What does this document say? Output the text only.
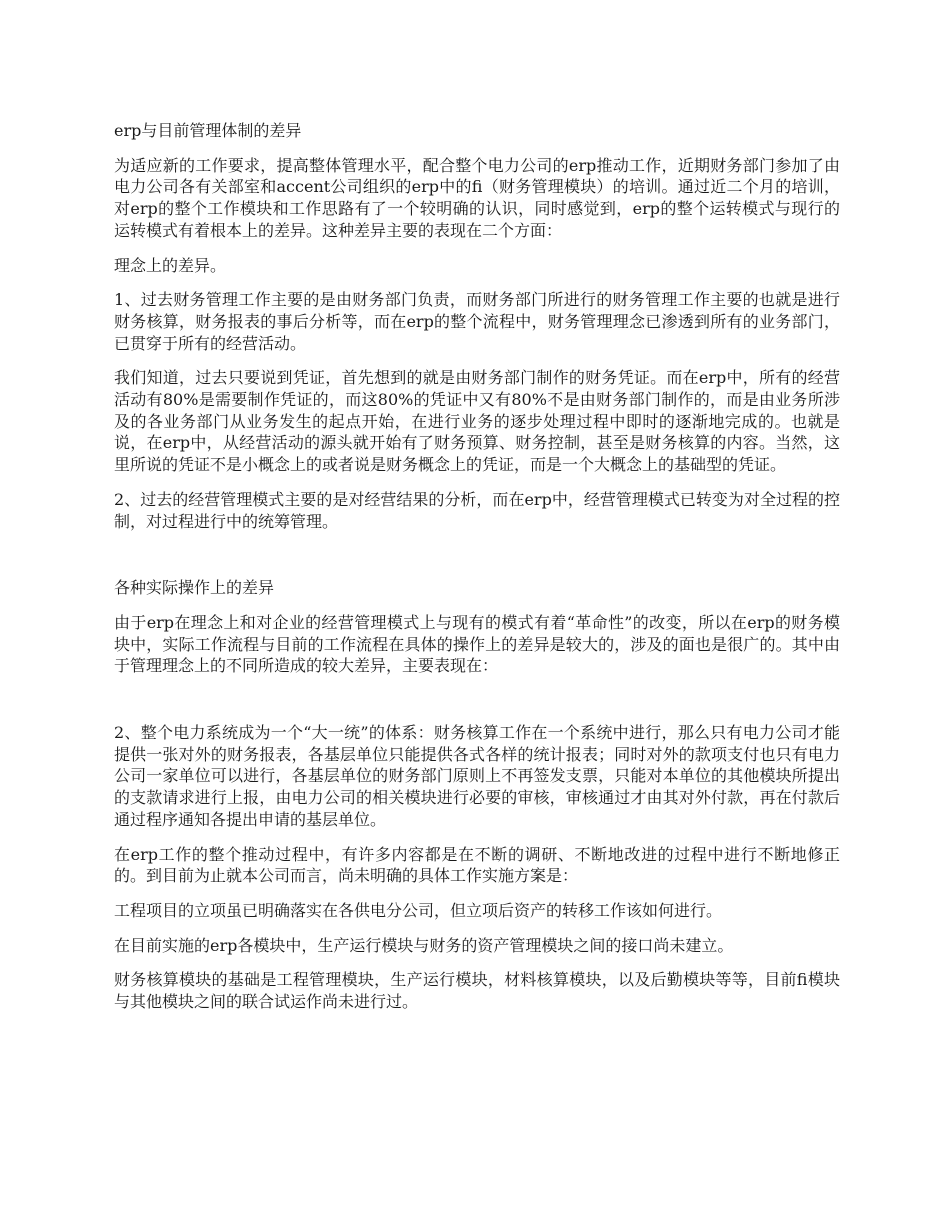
erp与目前管理体制的差异

为适应新的工作要求，提高整体管理水平，配合整个电力公司的erp推动工作，近期财务部门参加了由电力公司各有关部室和accent公司组织的erp中的fi（财务管理模块）的培训。通过近二个月的培训，对erp的整个工作模块和工作思路有了一个较明确的认识，同时感觉到，erp的整个运转模式与现行的运转模式有着根本上的差异。这种差异主要的表现在二个方面：

理念上的差异。

1、过去财务管理工作主要的是由财务部门负责，而财务部门所进行的财务管理工作主要的也就是进行财务核算，财务报表的事后分析等，而在erp的整个流程中，财务管理理念已渗透到所有的业务部门，已贯穿于所有的经营活动。

我们知道，过去只要说到凭证，首先想到的就是由财务部门制作的财务凭证。而在erp中，所有的经营活动有80%是需要制作凭证的，而这80%的凭证中又有80%不是由财务部门制作的，而是由业务所涉及的各业务部门从业务发生的起点开始，在进行业务的逐步处理过程中即时的逐渐地完成的。也就是说，在erp中，从经营活动的源头就开始有了财务预算、财务控制，甚至是财务核算的内容。当然，这里所说的凭证不是小概念上的或者说是财务概念上的凭证，而是一个大概念上的基础型的凭证。

2、过去的经营管理模式主要的是对经营结果的分析，而在erp中，经营管理模式已转变为对全过程的控制，对过程进行中的统筹管理。

各种实际操作上的差异

由于erp在理念上和对企业的经营管理模式上与现有的模式有着“革命性”的改变，所以在erp的财务模块中，实际工作流程与目前的工作流程在具体的操作上的差异是较大的，涉及的面也是很广的。其中由于管理理念上的不同所造成的较大差异，主要表现在：

2、整个电力系统成为一个“大一统”的体系：财务核算工作在一个系统中进行，那么只有电力公司才能提供一张对外的财务报表，各基层单位只能提供各式各样的统计报表；同时对外的款项支付也只有电力公司一家单位可以进行，各基层单位的财务部门原则上不再签发支票，只能对本单位的其他模块所提出的支款请求进行上报，由电力公司的相关模块进行必要的审核，审核通过才由其对外付款，再在付款后通过程序通知各提出申请的基层单位。

在erp工作的整个推动过程中，有许多内容都是在不断的调研、不断地改进的过程中进行不断地修正的。到目前为止就本公司而言，尚未明确的具体工作实施方案是：

工程项目的立项虽已明确落实在各供电分公司，但立项后资产的转移工作该如何进行。

在目前实施的erp各模块中，生产运行模块与财务的资产管理模块之间的接口尚未建立。

财务核算模块的基础是工程管理模块，生产运行模块，材料核算模块，以及后勤模块等等，目前fi模块与其他模块之间的联合试运作尚未进行过。
